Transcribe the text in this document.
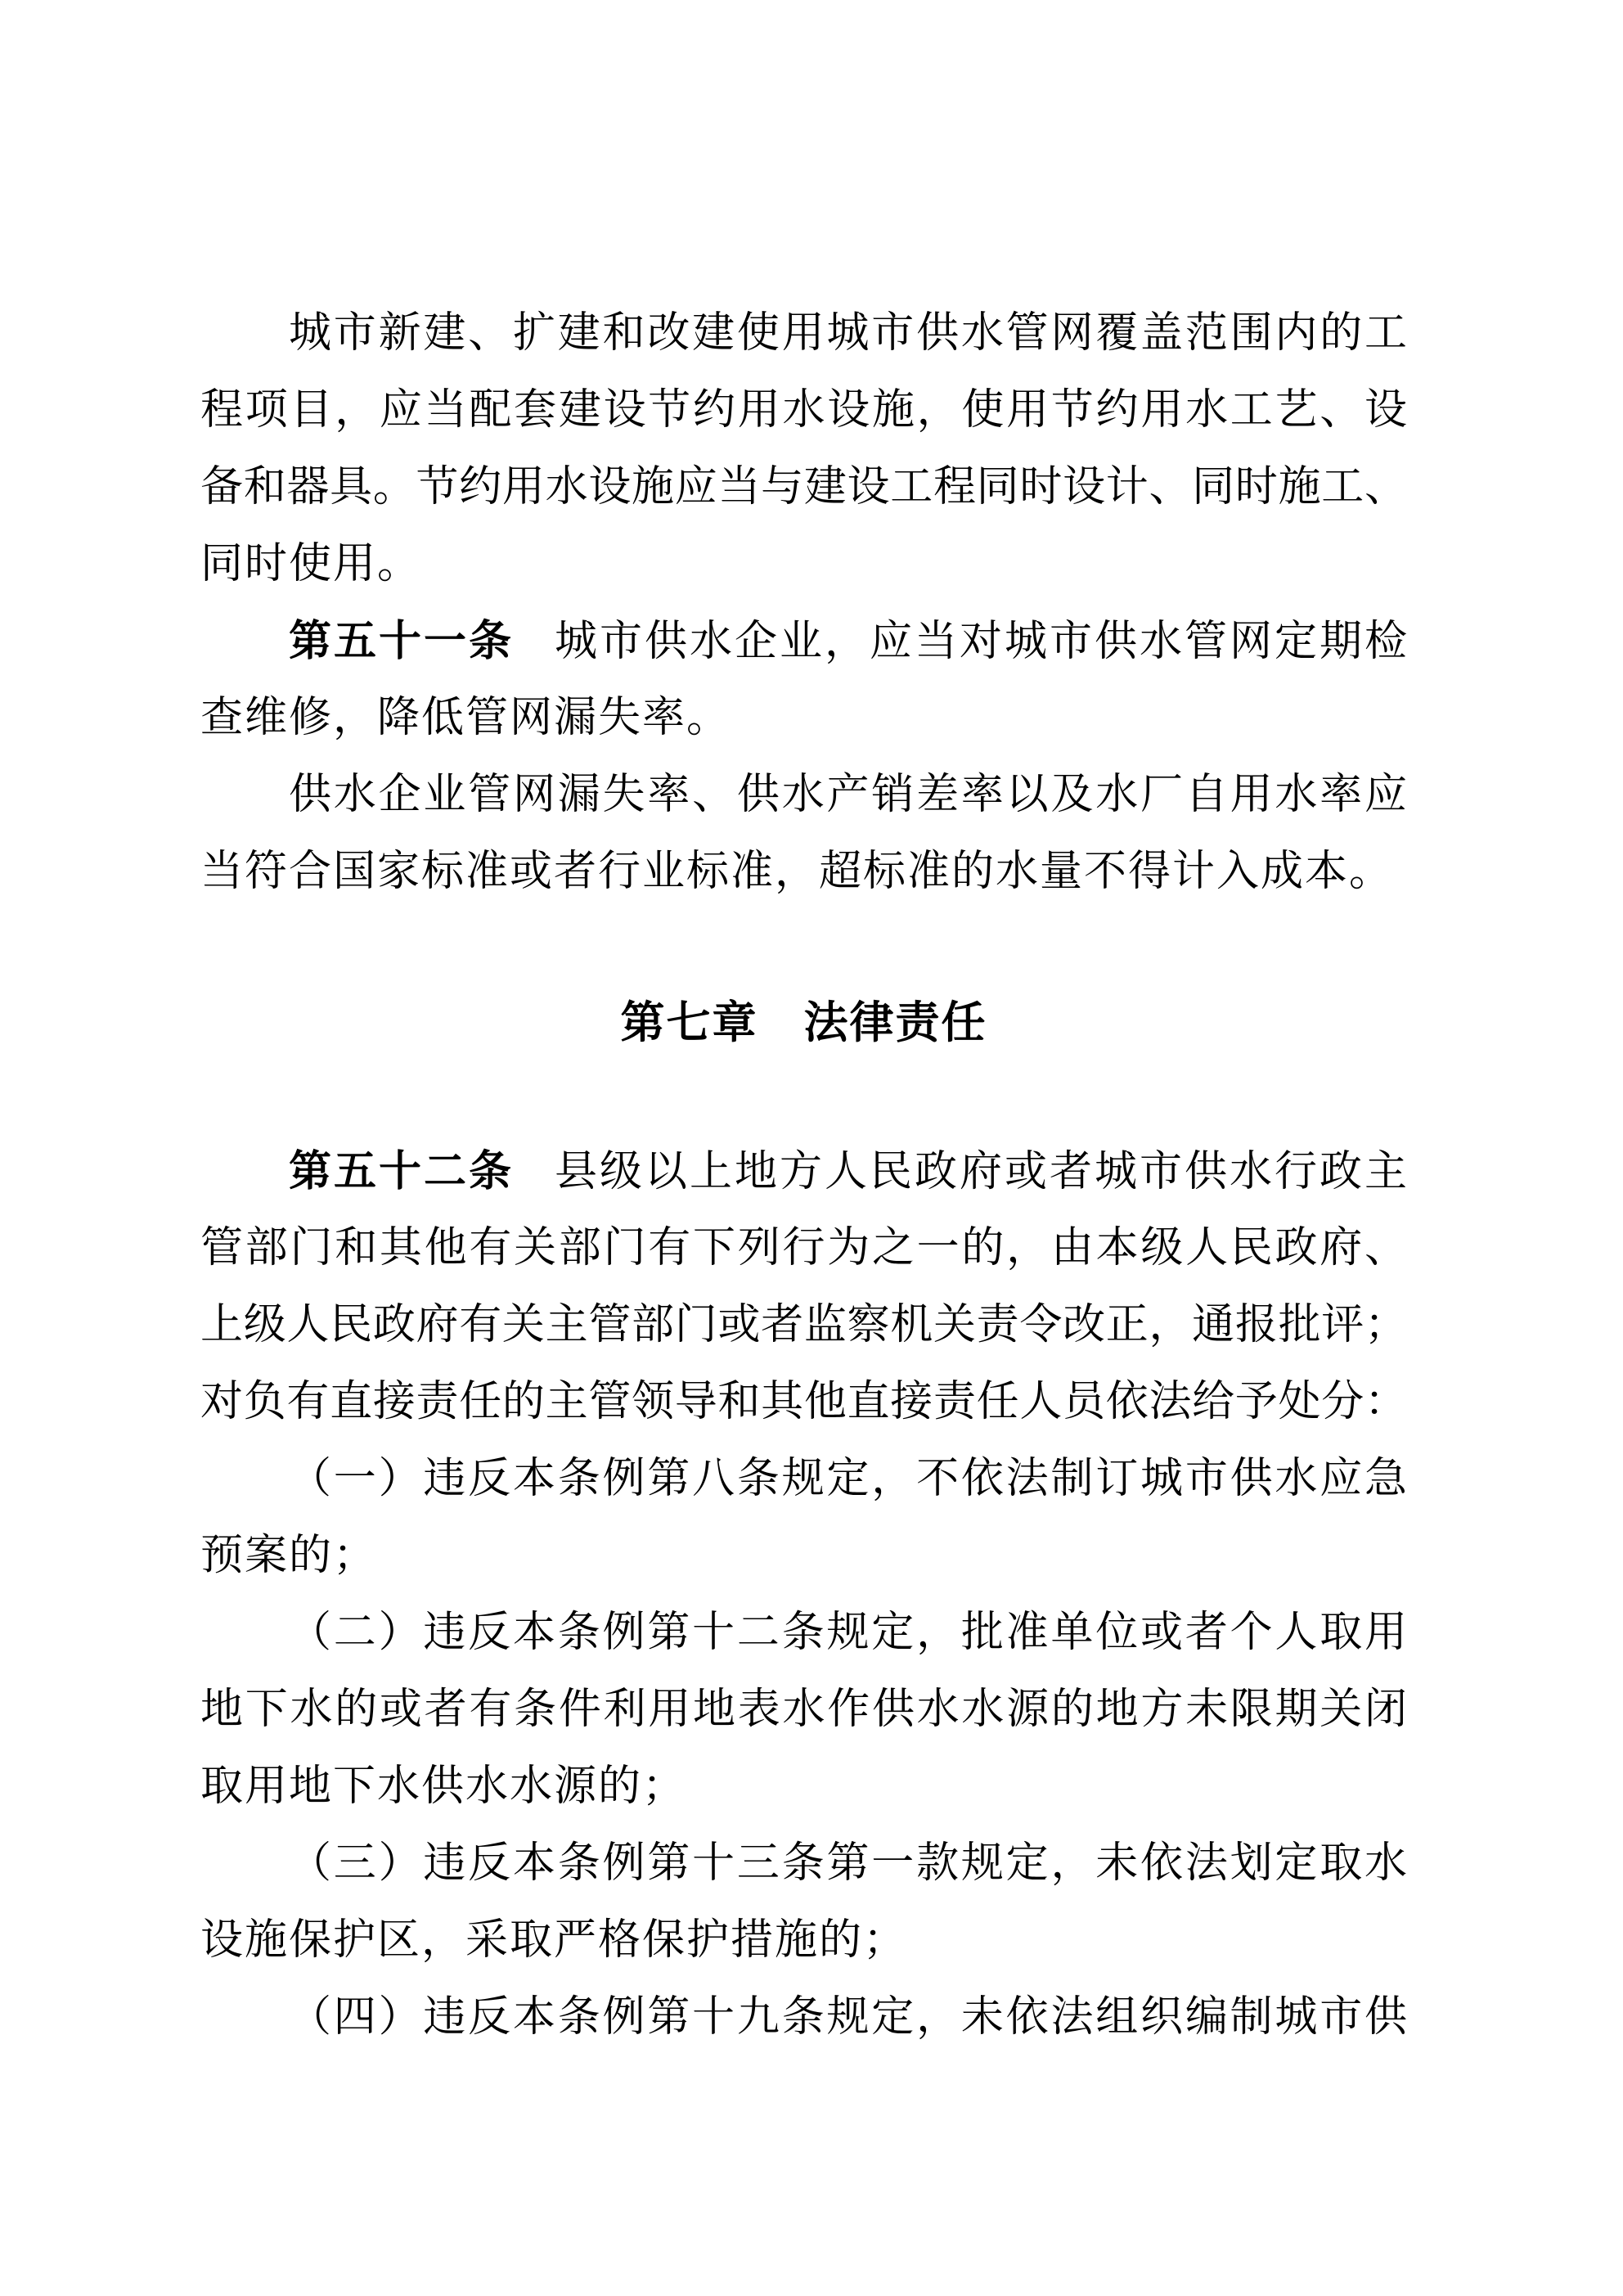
城市新建、扩建和改建使用城市供水管网覆盖范围内的工
程项目，应当配套建设节约用水设施，使用节约用水工艺、设
备和器具。节约用水设施应当与建设工程同时设计、同时施工、
同时使用。
第五十一条 城市供水企业，应当对城市供水管网定期检
查维修，降低管网漏失率。
供水企业管网漏失率、供水产销差率以及水厂自用水率应
当符合国家标准或者行业标准，超标准的水量不得计入成本。
第七章　法律责任
第五十二条 县级以上地方人民政府或者城市供水行政主
管部门和其他有关部门有下列行为之一的，由本级人民政府、
上级人民政府有关主管部门或者监察机关责令改正，通报批评；
对负有直接责任的主管领导和其他直接责任人员依法给予处分：
（一）违反本条例第八条规定，不依法制订城市供水应急
预案的；
（二）违反本条例第十二条规定，批准单位或者个人取用
地下水的或者有条件利用地表水作供水水源的地方未限期关闭
取用地下水供水水源的；
（三）违反本条例第十三条第一款规定，未依法划定取水
设施保护区，采取严格保护措施的；
（四）违反本条例第十九条规定，未依法组织编制城市供
